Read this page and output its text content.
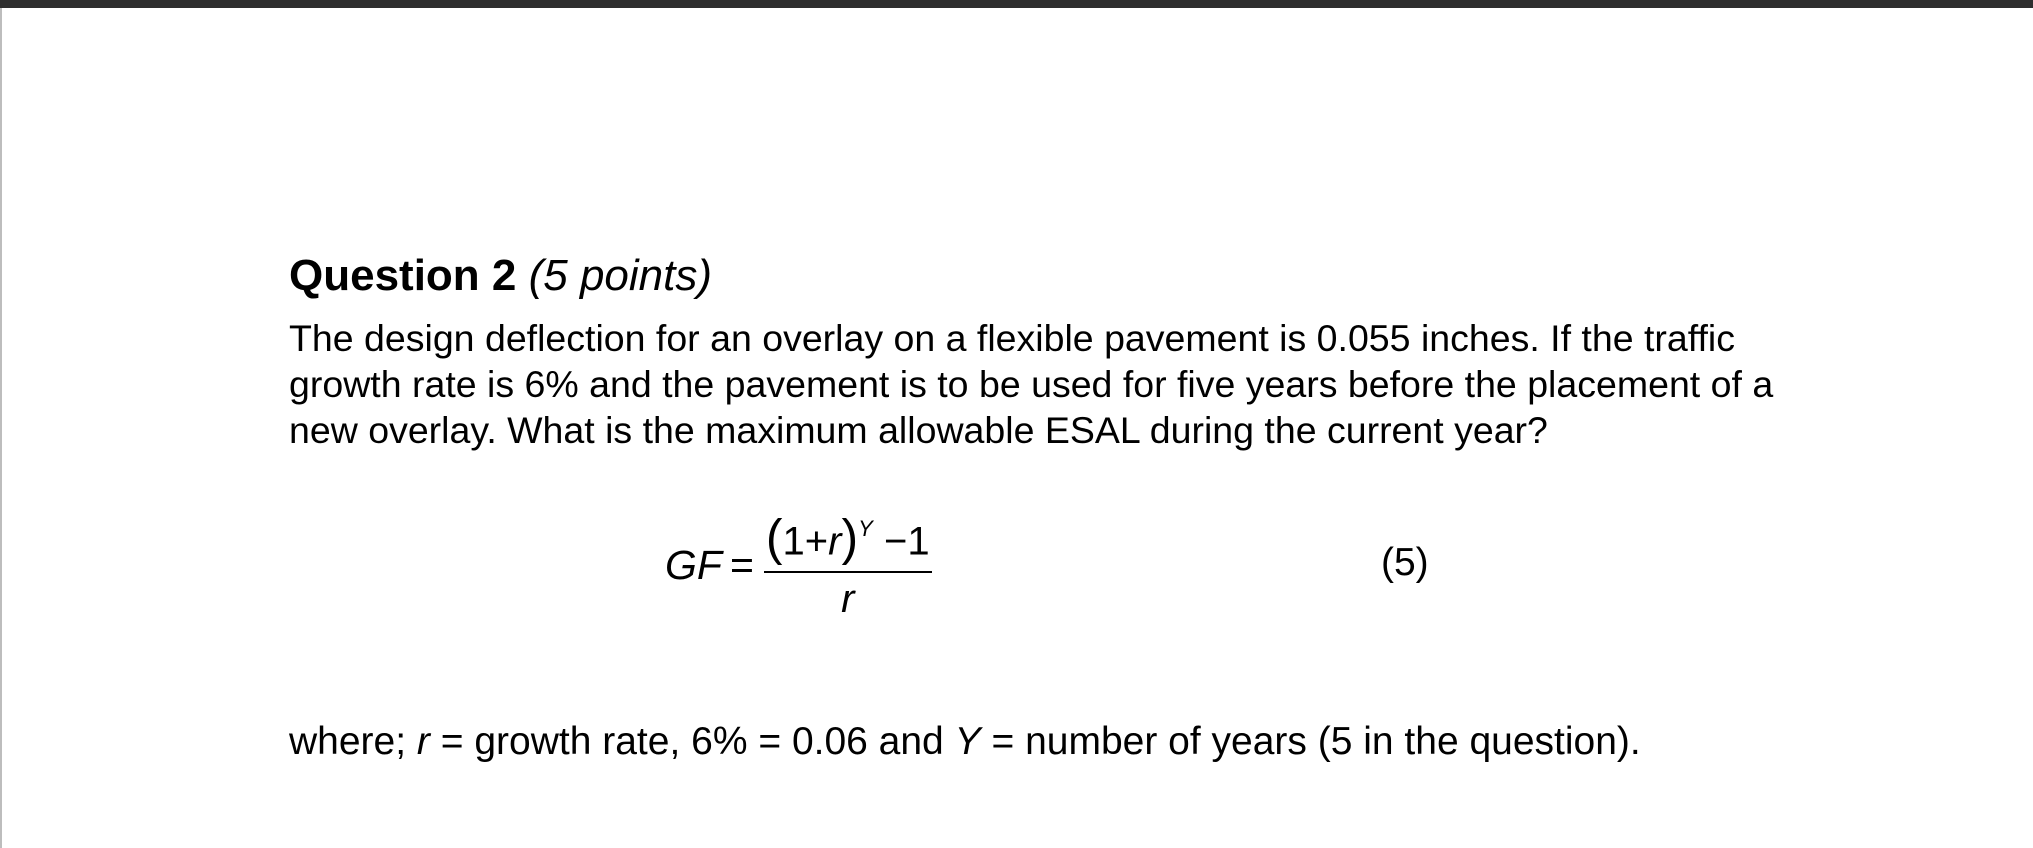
Question 2 (5 points)

The design deflection for an overlay on a flexible pavement is 0.055 inches. If the traffic growth rate is 6% and the pavement is to be used for five years before the placement of a new overlay. What is the maximum allowable ESAL during the current year?

GF = $\frac{(1+r)^Y -1}{r}$	(5)
where; r = growth rate, 6% = 0.06 and Y = number of years (5 in the question).
